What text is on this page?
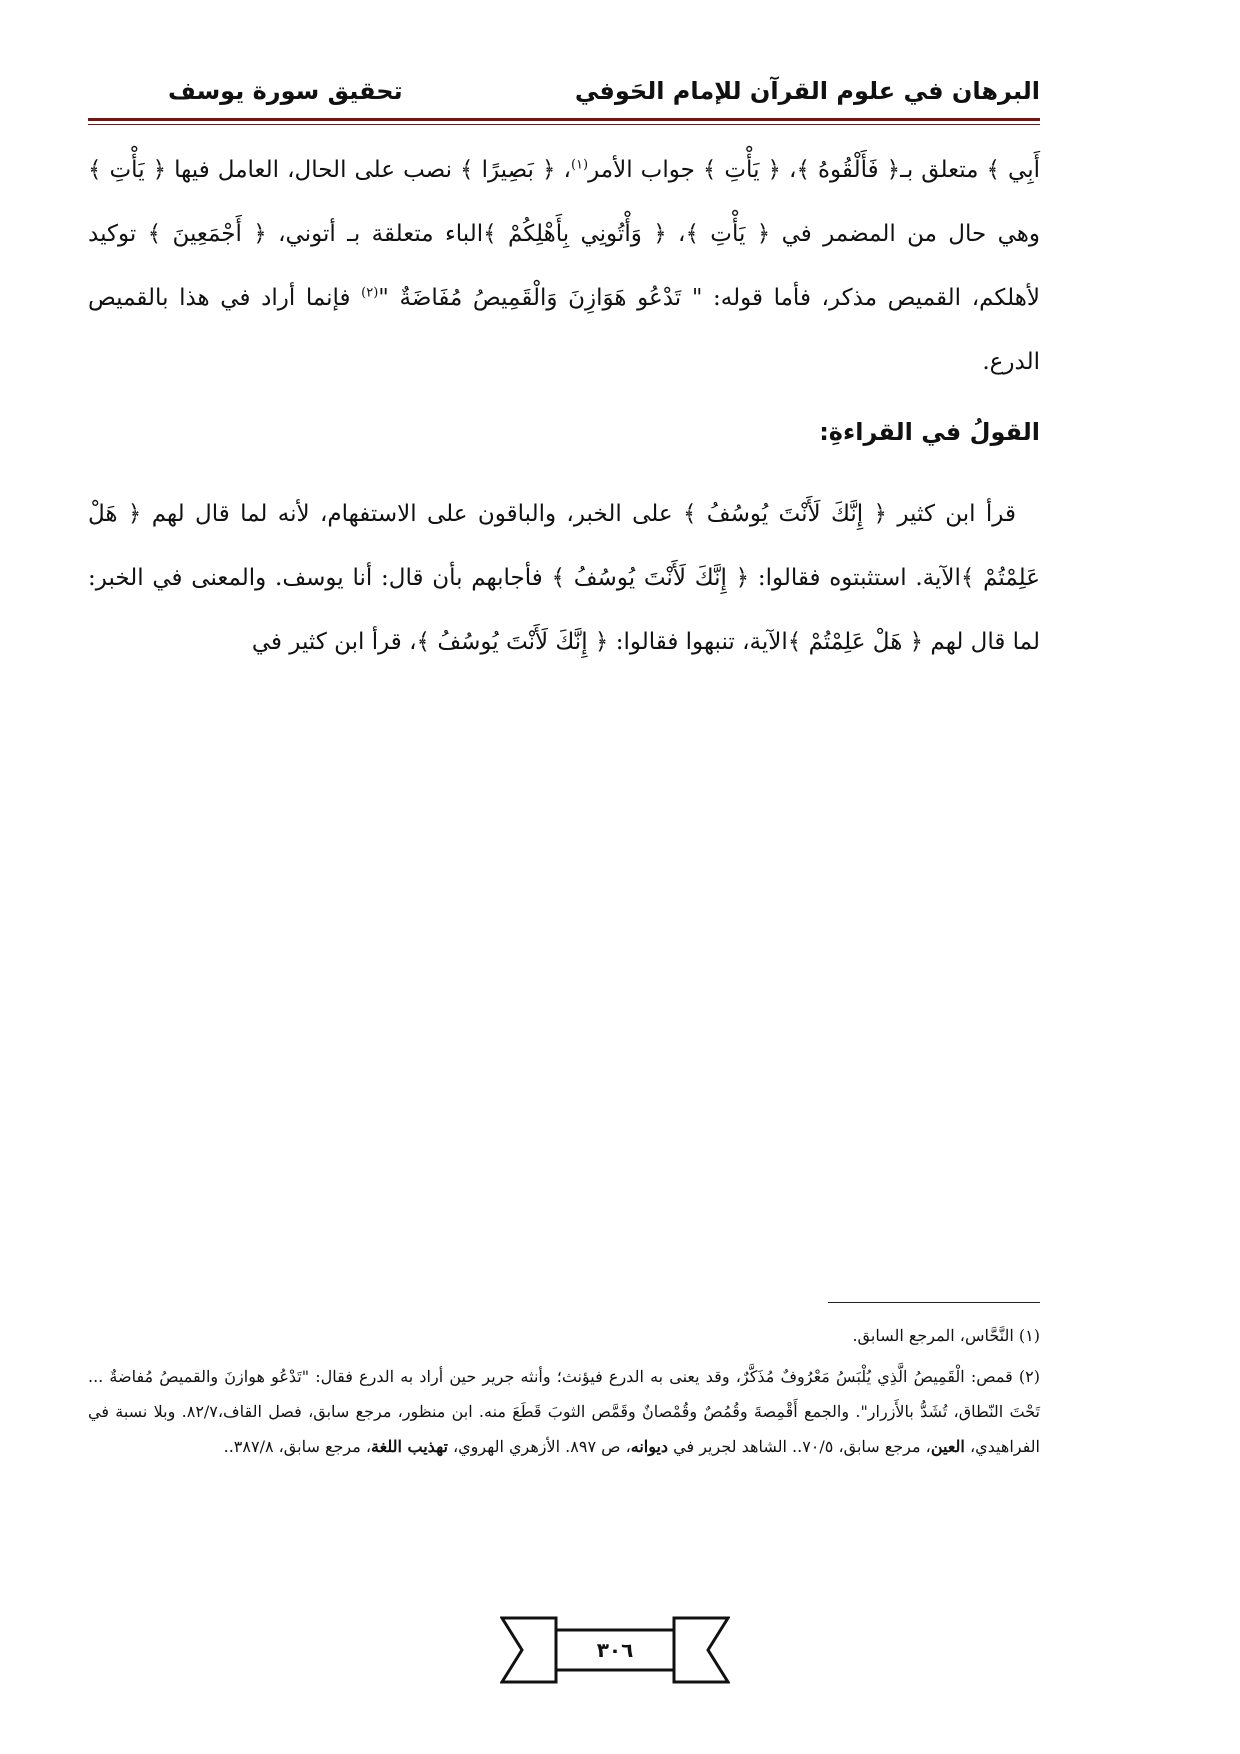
البرهان في علوم القرآن للإمام الحَوفي
تحقيق سورة يوسف

أَبِي ﴾ متعلق بـ﴿ فَأَلْقُوهُ ﴾، ﴿ يَأْتِ ﴾ جواب الأمر$^{(١)}$، ﴿ بَصِيرًا ﴾ نصب على الحال، العامل فيها ﴿ يَأْتِ ﴾ وهي حال من المضمر في ﴿ يَأْتِ ﴾، ﴿ وَأْتُونِي بِأَهْلِكُمْ ﴾الباء متعلقة بـ أتوني، ﴿ أَجْمَعِينَ ﴾ توكيد لأهلكم، القميص مذكر، فأما قوله: " تَدْعُو هَوَازِنَ وَالْقَمِيصُ مُفَاضَةٌ "$^{(٢)}$ فإنما أراد في هذا بالقميص الدرع.

القولُ في القراءةِ:

قرأ ابن كثير ﴿ إِنَّكَ لَأَنْتَ يُوسُفُ ﴾ على الخبر، والباقون على الاستفهام، لأنه لما قال لهم ﴿ هَلْ عَلِمْتُمْ ﴾الآية. استثبتوه فقالوا: ﴿ إِنَّكَ لَأَنْتَ يُوسُفُ ﴾ فأجابهم بأن قال: أنا يوسف. والمعنى في الخبر: لما قال لهم ﴿ هَلْ عَلِمْتُمْ ﴾الآية، تنبهوا فقالوا: ﴿ إِنَّكَ لَأَنْتَ يُوسُفُ ﴾، قرأ ابن كثير في

(١) النَّحَّاس، المرجع السابق.

(٢) قمص: الْقَمِيصُ الَّذِي يُلْبَسُ مَعْرُوفٌ مُذَكَّرٌ، وقد يعنى به الدرع فيؤنث؛ وأنثه جرير حين أراد به الدرع فقال: "تَدْعُو هوازنَ والقميصُ مُفاضةٌ ... تَحْتَ النّطاق، تُشَدُّ بالأَزرار". والجمع أَقْمِصةَ وقُمُصٌ وقُمْصانٌ وقَمَّص الثوبَ قَطَعَ منه. ابن منظور، مرجع سابق، فصل القاف،٨٢/٧. وبلا نسبة في الفراهيدي، العين، مرجع سابق، ٧٠/٥.. الشاهد لجرير في ديوانه، ص ٨٩٧. الأزهري الهروي، تهذيب اللغة، مرجع سابق، ٣٨٧/٨..

٣٠٦
